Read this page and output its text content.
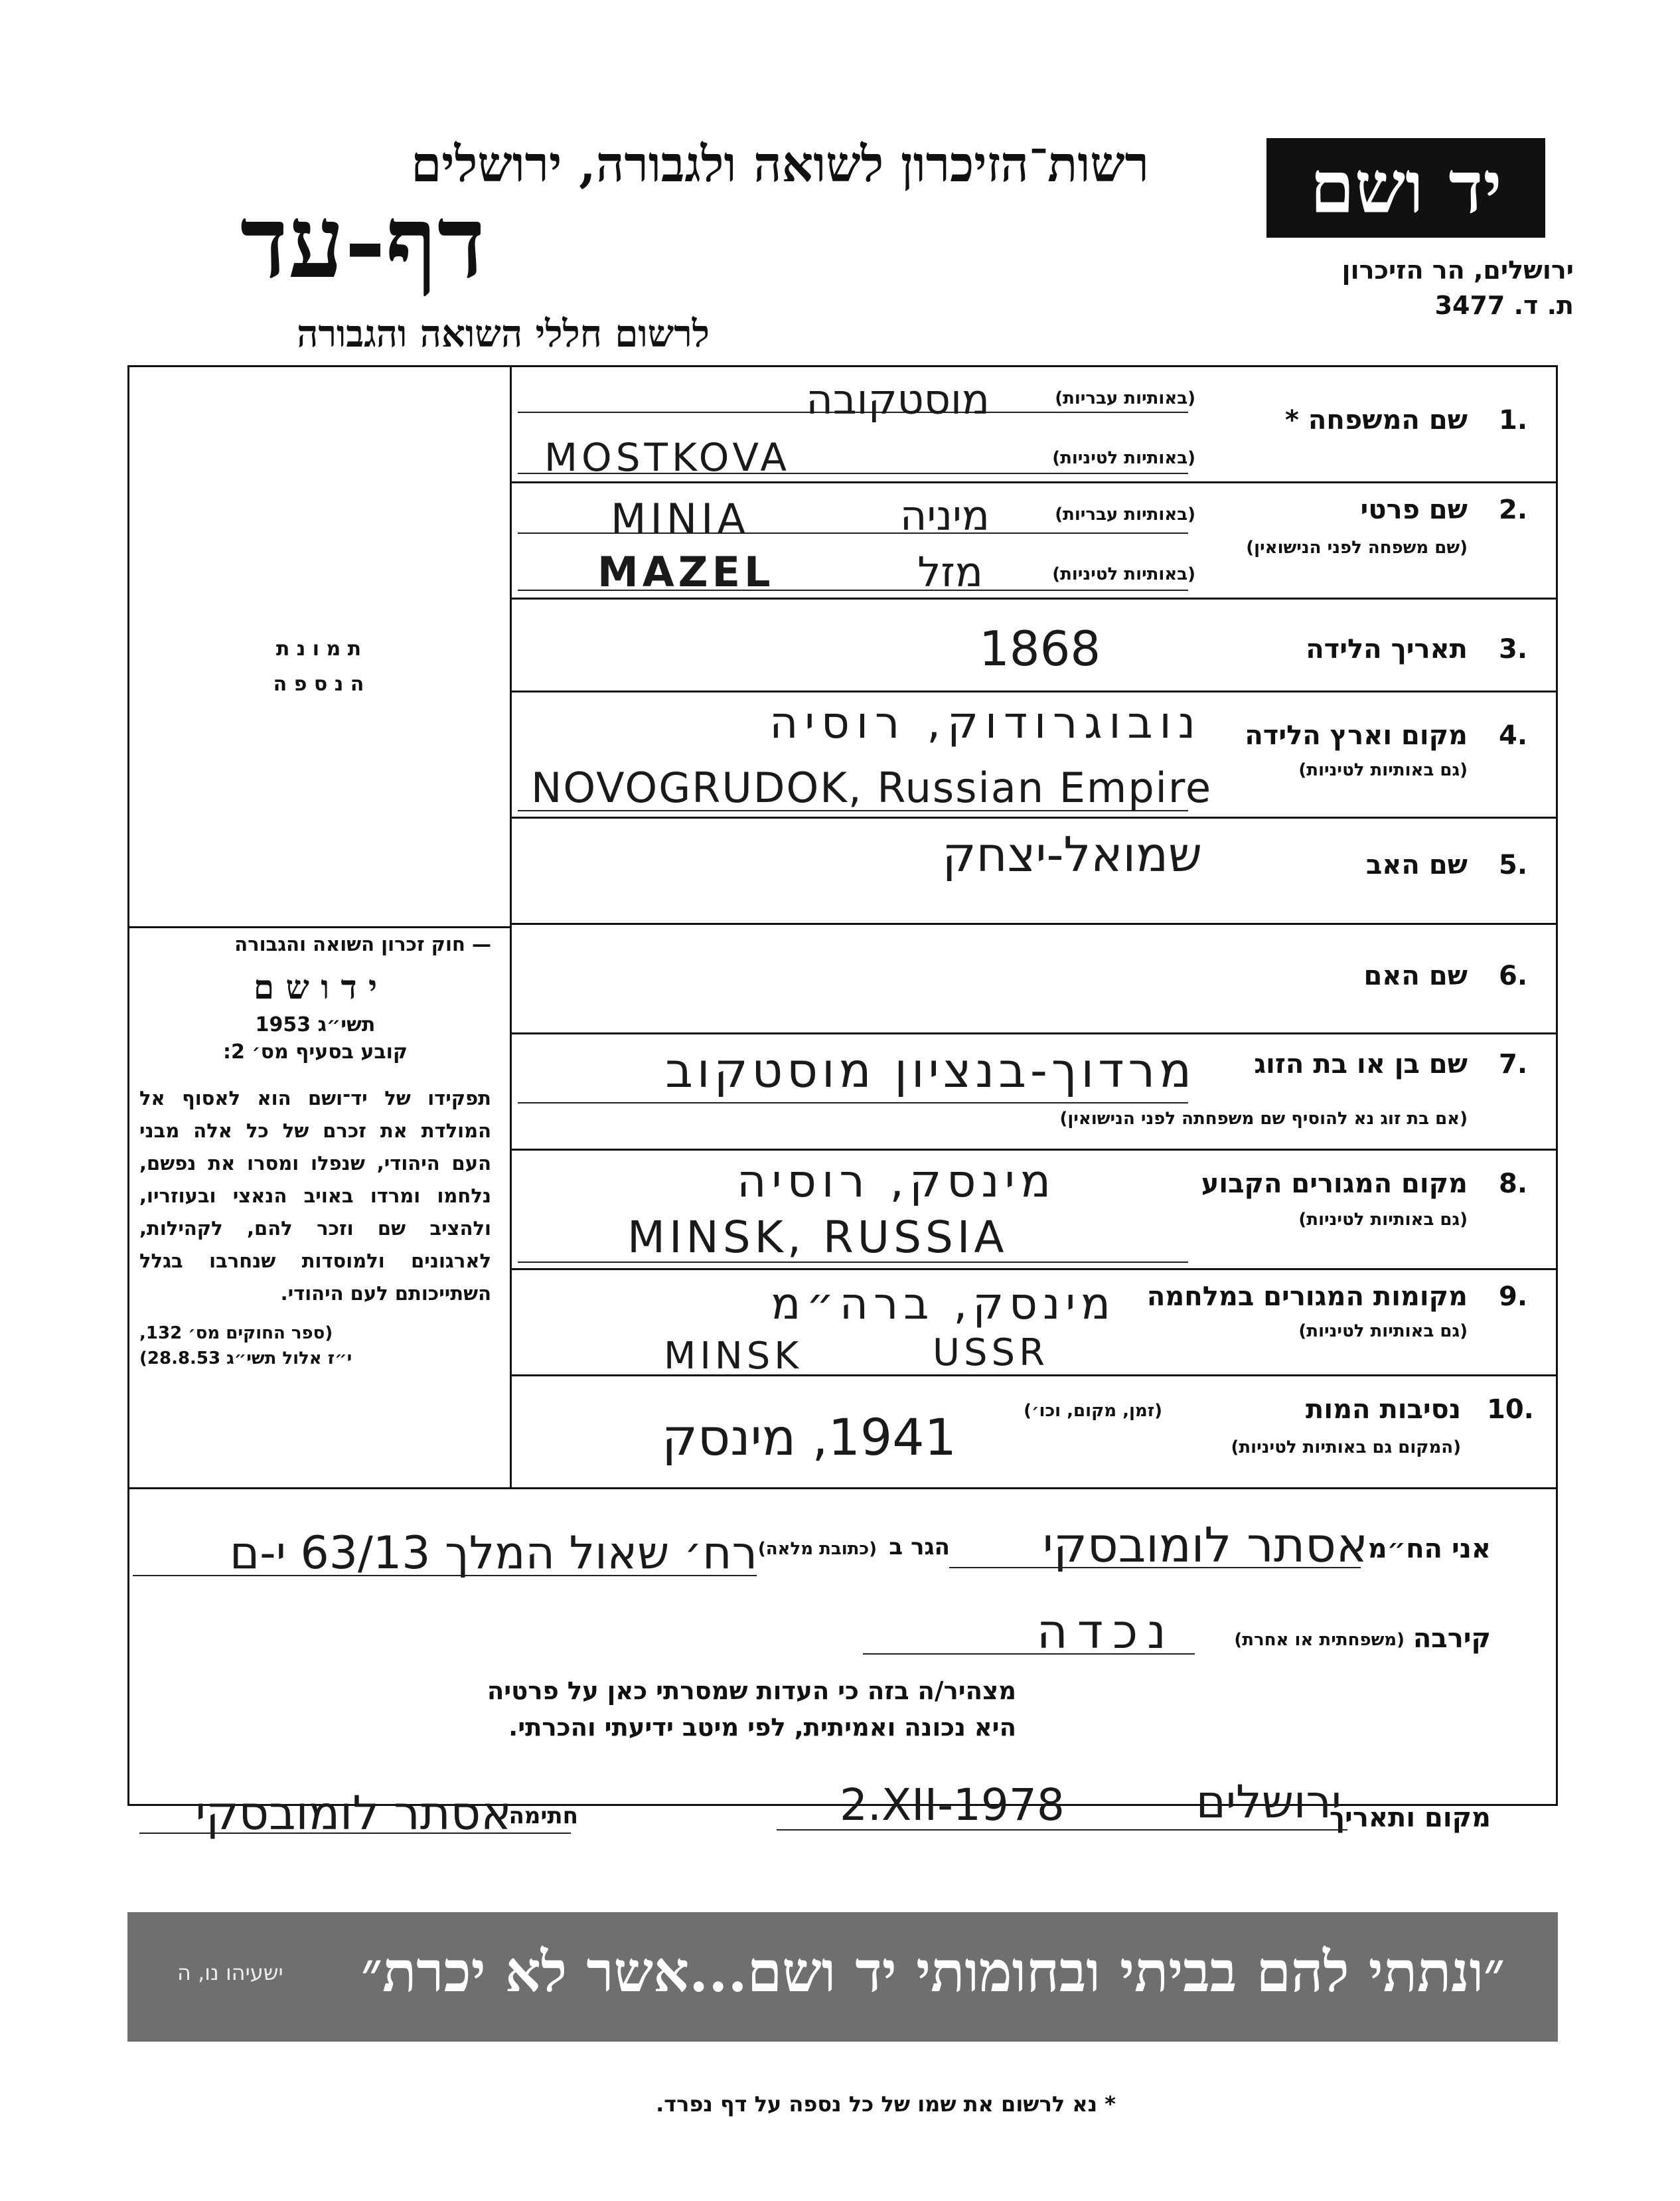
רשות־הזיכרון לשואה ולגבורה, ירושלים
דף-עד
לרשום חללי השואה והגבורה
יד ושם
ירושלים, הר הזיכרון
ת. ד. 3477
ת מ ו נ ת
ה נ ס פ ה
— חוק זכרון השואה והגבורה
י ד ו ש ם
תשי״ג 1953
קובע בסעיף מס׳ 2:
תפקידו של יד־ושם הוא לאסוף אל המולדת את זכרם של כל אלה מבני העם היהודי, שנפלו ומסרו את נפשם, נלחמו ומרדו באויב הנאצי ובעוזריו, ולהציב שם וזכר להם, לקהילות, לארגונים ולמוסדות שנחרבו בגלל השתייכותם לעם היהודי.
(ספר החוקים מס׳ 132,
י״ז אלול תשי״ג 28.8.53)
1.
שם המשפחה *
(באותיות עבריות)
מוסטקובה
(באותיות לטיניות)
MOSTKOVA
2.
שם פרטי
(שם משפחה לפני הנישואין)
(באותיות עבריות)
MINIA	מיניה
(באותיות לטיניות)
MAZEL	מזל
3.
תאריך הלידה
1868
4.
מקום וארץ הלידה
(גם באותיות לטיניות)
נובוגרודוק, רוסיה
NOVOGRUDOK, Russian Empire
5.
שם האב
שמואל-יצחק
6.
שם האם
7.
שם בן או בת הזוג
(אם בת זוג נא להוסיף שם משפחתה לפני הנישואין)
מרדוך-בנציון מוסטקוב
8.
מקום המגורים הקבוע
(גם באותיות לטיניות)
מינסק, רוסיה
MINSK, RUSSIA
9.
מקומות המגורים במלחמה
(גם באותיות לטיניות)
מינסק, ברה״מ
MINSK	USSR
10.
נסיבות המות
(זמן, מקום, וכו׳)
(המקום גם באותיות לטיניות)
1941, מינסק
אני הח״מ
אסתר לומובסקי
הגר ב
(כתובת מלאה)
רח׳ שאול המלך 63/13 י-ם
קירבה
(משפחתית או אחרת)
נכדה
מצהיר/ה בזה כי העדות שמסרתי כאן על פרטיה
היא נכונה ואמיתית, לפי מיטב ידיעתי והכרתי.
מקום ותאריך
ירושלים
2.XII-1978
חתימה
אסתר לומובסקי
ישעיהו נו, ה ״ונתתי להם בביתי ובחומותי יד ושם...אשר לא יכרת״
* נא לרשום את שמו של כל נספה על דף נפרד.
